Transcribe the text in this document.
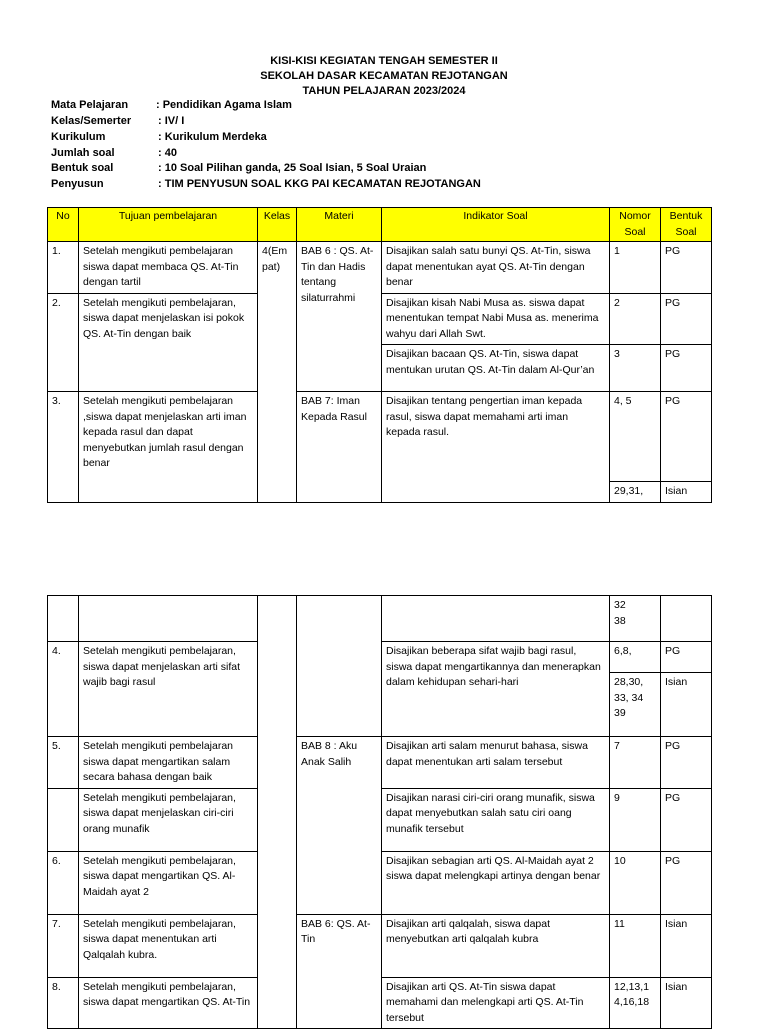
KISI-KISI KEGIATAN TENGAH SEMESTER II
SEKOLAH DASAR KECAMATAN REJOTANGAN
TAHUN PELAJARAN 2023/2024
Mata Pelajaran	: Pendidikan Agama Islam
Kelas/Semerter : IV/ I
Kurikulum	: Kurikulum Merdeka
Jumlah soal	: 40
Bentuk soal	: 10 Soal Pilihan ganda, 25 Soal Isian, 5 Soal Uraian
Penyusun	: TIM PENYUSUN SOAL KKG PAI KECAMATAN REJOTANGAN
No	Tujuan pembelajaran	Kelas	Materi	Indikator Soal	Nomor Soal	Bentuk Soal
1.	Setelah mengikuti pembelajaran siswa dapat membaca QS. At-Tin dengan tartil	4(Em pat)	BAB 6 : QS. At-Tin dan Hadis tentang silaturrahmi	Disajikan salah satu bunyi QS. At-Tin, siswa dapat menentukan ayat QS. At-Tin dengan benar	1	PG
2.	Setelah mengikuti pembelajaran, siswa dapat menjelaskan isi pokok QS. At-Tin dengan baik			Disajikan kisah Nabi Musa as. siswa dapat menentukan tempat Nabi Musa as. menerima wahyu dari Allah Swt.	2	PG
				Disajikan bacaan QS. At-Tin, siswa dapat mentukan urutan QS. At-Tin dalam Al-Qur’an	3	PG
3.	Setelah mengikuti pembelajaran ,siswa dapat menjelaskan arti iman kepada rasul dan dapat menyebutkan jumlah rasul dengan benar		BAB 7: Iman Kepada Rasul	Disajikan tentang pengertian iman kepada rasul, siswa dapat memahami arti iman kepada rasul.	4, 5	PG
					29,31,	Isian
					32
38	
4.	Setelah mengikuti pembelajaran, siswa dapat menjelaskan arti sifat wajib bagi rasul			Disajikan beberapa sifat wajib bagi rasul, siswa dapat mengartikannya dan menerapkan dalam kehidupan sehari-hari	6,8,	PG
					28,30, 33, 34 39	Isian
5.	Setelah mengikuti pembelajaran siswa dapat mengartikan salam secara bahasa dengan baik		BAB 8 : Aku Anak Salih	Disajikan arti salam menurut bahasa, siswa dapat menentukan arti salam tersebut	7	PG
	Setelah mengikuti pembelajaran, siswa dapat menjelaskan ciri-ciri orang munafik			Disajikan narasi ciri-ciri orang munafik, siswa dapat menyebutkan salah satu ciri oang munafik tersebut	9	PG
6.	Setelah mengikuti pembelajaran, siswa dapat mengartikan QS. Al-Maidah ayat 2			Disajikan sebagian arti QS. Al-Maidah ayat 2 siswa dapat melengkapi artinya dengan benar	10	PG
7.	Setelah mengikuti pembelajaran, siswa dapat menentukan arti Qalqalah kubra.		BAB 6: QS. At-Tin	Disajikan arti qalqalah, siswa dapat menyebutkan arti qalqalah kubra	11	Isian
8.	Setelah mengikuti pembelajaran, siswa dapat mengartikan QS. At-Tin			Disajikan arti QS. At-Tin siswa dapat memahami dan melengkapi arti QS. At-Tin tersebut	12,13,1 4,16,18	Isian
